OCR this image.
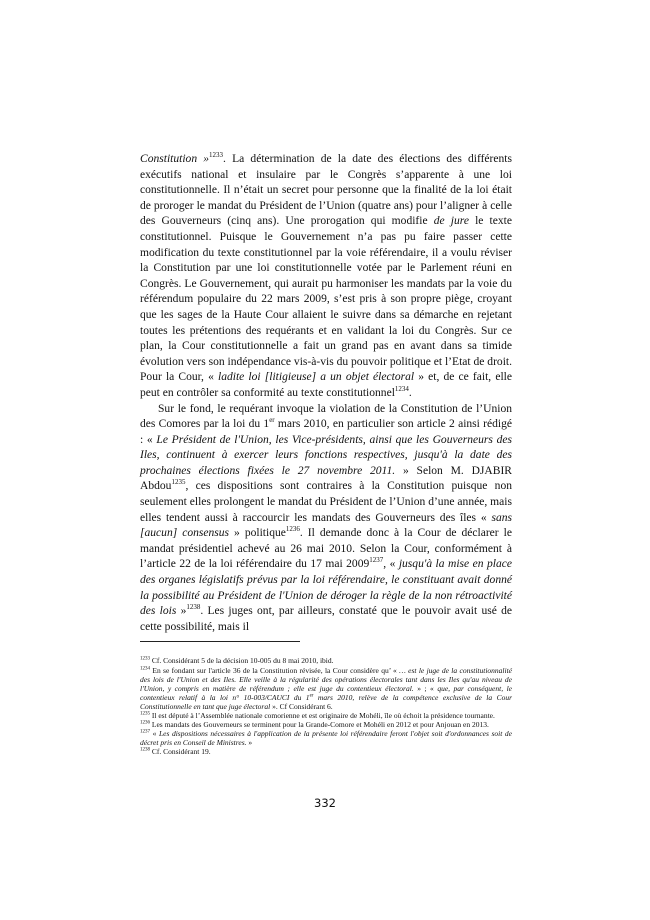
Constitution »$^{1233}$. La détermination de la date des élections des différents exécutifs national et insulaire par le Congrès s’apparente à une loi constitutionnelle. Il n’était un secret pour personne que la finalité de la loi était de proroger le mandat du Président de l’Union (quatre ans) pour l’aligner à celle des Gouverneurs (cinq ans). Une prorogation qui modifie de jure le texte constitutionnel. Puisque le Gouvernement n’a pas pu faire passer cette modification du texte constitutionnel par la voie référendaire, il a voulu réviser la Constitution par une loi constitutionnelle votée par le Parlement réuni en Congrès. Le Gouvernement, qui aurait pu harmoniser les mandats par la voie du référendum populaire du 22 mars 2009, s’est pris à son propre piège, croyant que les sages de la Haute Cour allaient le suivre dans sa démarche en rejetant toutes les prétentions des requérants et en validant la loi du Congrès. Sur ce plan, la Cour constitutionnelle a fait un grand pas en avant dans sa timide évolution vers son indépendance vis-à-vis du pouvoir politique et l’Etat de droit. Pour la Cour, « ladite loi [litigieuse] a un objet électoral » et, de ce fait, elle peut en contrôler sa conformité au texte constitutionnel$^{1234}$.

Sur le fond, le requérant invoque la violation de la Constitution de l’Union des Comores par la loi du 1er mars 2010, en particulier son article 2 ainsi rédigé : « Le Président de l'Union, les Vice-présidents, ainsi que les Gouverneurs des Iles, continuent à exercer leurs fonctions respectives, jusqu'à la date des prochaines élections fixées le 27 novembre 2011. » Selon M. DJABIR Abdou$^{1235}$, ces dispositions sont contraires à la Constitution puisque non seulement elles prolongent le mandat du Président de l’Union d’une année, mais elles tendent aussi à raccourcir les mandats des Gouverneurs des îles « sans [aucun] consensus » politique$^{1236}$. Il demande donc à la Cour de déclarer le mandat présidentiel achevé au 26 mai 2010. Selon la Cour, conformément à l’article 22 de la loi référendaire du 17 mai $2009^{1237}$, « jusqu'à la mise en place des organes législatifs prévus par la loi référendaire, le constituant avait donné la possibilité au Président de l'Union de déroger la règle de la non rétroactivité des lois »$^{1238}$. Les juges ont, par ailleurs, constaté que le pouvoir avait usé de cette possibilité, mais il

$^{1233}$ Cf. Considérant 5 de la décision 10-005 du 8 mai 2010, ibid.

$^{1234}$ En se fondant sur l'article 36 de la Constitution révisée, la Cour considère qu’ « … est le juge de la constitutionnalité des lois de l'Union et des Iles. Elle veille à la régularité des opérations électorales tant dans les Iles qu'au niveau de l'Union, y compris en matière de référendum ; elle est juge du contentieux électoral. » ; « que, par conséquent, le contentieux relatif à la loi n° 10-003/CAUCI du 1er mars 2010, relève de la compétence exclusive de la Cour Constitutionnelle en tant que juge électoral ». Cf Considérant 6.

$^{1235}$ Il est député à l’Assemblée nationale comorienne et est originaire de Mohéli, île où échoit la présidence tournante.

$^{1236}$ Les mandats des Gouverneurs se terminent pour la Grande-Comore et Mohéli en 2012 et pour Anjouan en 2013.

$^{1237}$ « Les dispositions nécessaires à l'application de la présente loi référendaire feront l'objet soit d'ordonnances soit de décret pris en Conseil de Ministres. »

$^{1238}$ Cf. Considérant 19.

332
